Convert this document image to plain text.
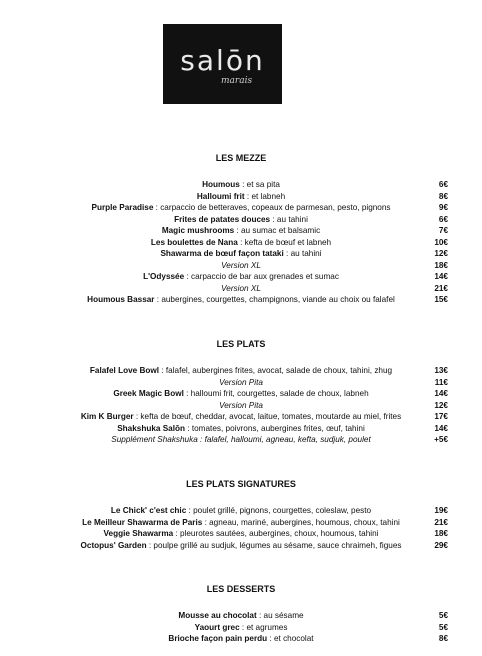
salōn
marais
LES MEZZE
Houmous : et sa pita	6€
Halloumi frit : et labneh	8€
Purple Paradise : carpaccio de betteraves, copeaux de parmesan, pesto, pignons	9€
Frites de patates douces : au tahini	6€
Magic mushrooms : au sumac et balsamic	7€
Les boulettes de Nana : kefta de bœuf et labneh	10€
Shawarma de bœuf façon tataki : au tahini	12€
Version XL	18€
L'Odyssée : carpaccio de bar aux grenades et sumac	14€
Version XL	21€
Houmous Bassar : aubergines, courgettes, champignons, viande au choix ou falafel	15€
LES PLATS
Falafel Love Bowl : falafel, aubergines frites, avocat, salade de choux, tahini, zhug	13€
Version Pita	11€
Greek Magic Bowl : halloumi frit, courgettes, salade de choux, labneh	14€
Version Pita	12€
Kim K Burger : kefta de bœuf, cheddar, avocat, laitue, tomates, moutarde au miel, frites	17€
Shakshuka Salōn : tomates, poivrons, aubergines frites, œuf, tahini	14€
Supplément Shakshuka : falafel, halloumi, agneau, kefta, sudjuk, poulet	+5€
LES PLATS SIGNATURES
Le Chick' c'est chic : poulet grillé, pignons, courgettes, coleslaw, pesto	19€
Le Meilleur Shawarma de Paris : agneau, mariné, aubergines, houmous, choux, tahini	21€
Veggie Shawarma : pleurotes sautées, aubergines, choux, houmous, tahini	18€
Octopus' Garden : poulpe grillé au sudjuk, légumes au sésame, sauce chraimeh, figues	29€
LES DESSERTS
Mousse au chocolat : au sésame	5€
Yaourt grec : et agrumes	5€
Brioche façon pain perdu : et chocolat	8€
